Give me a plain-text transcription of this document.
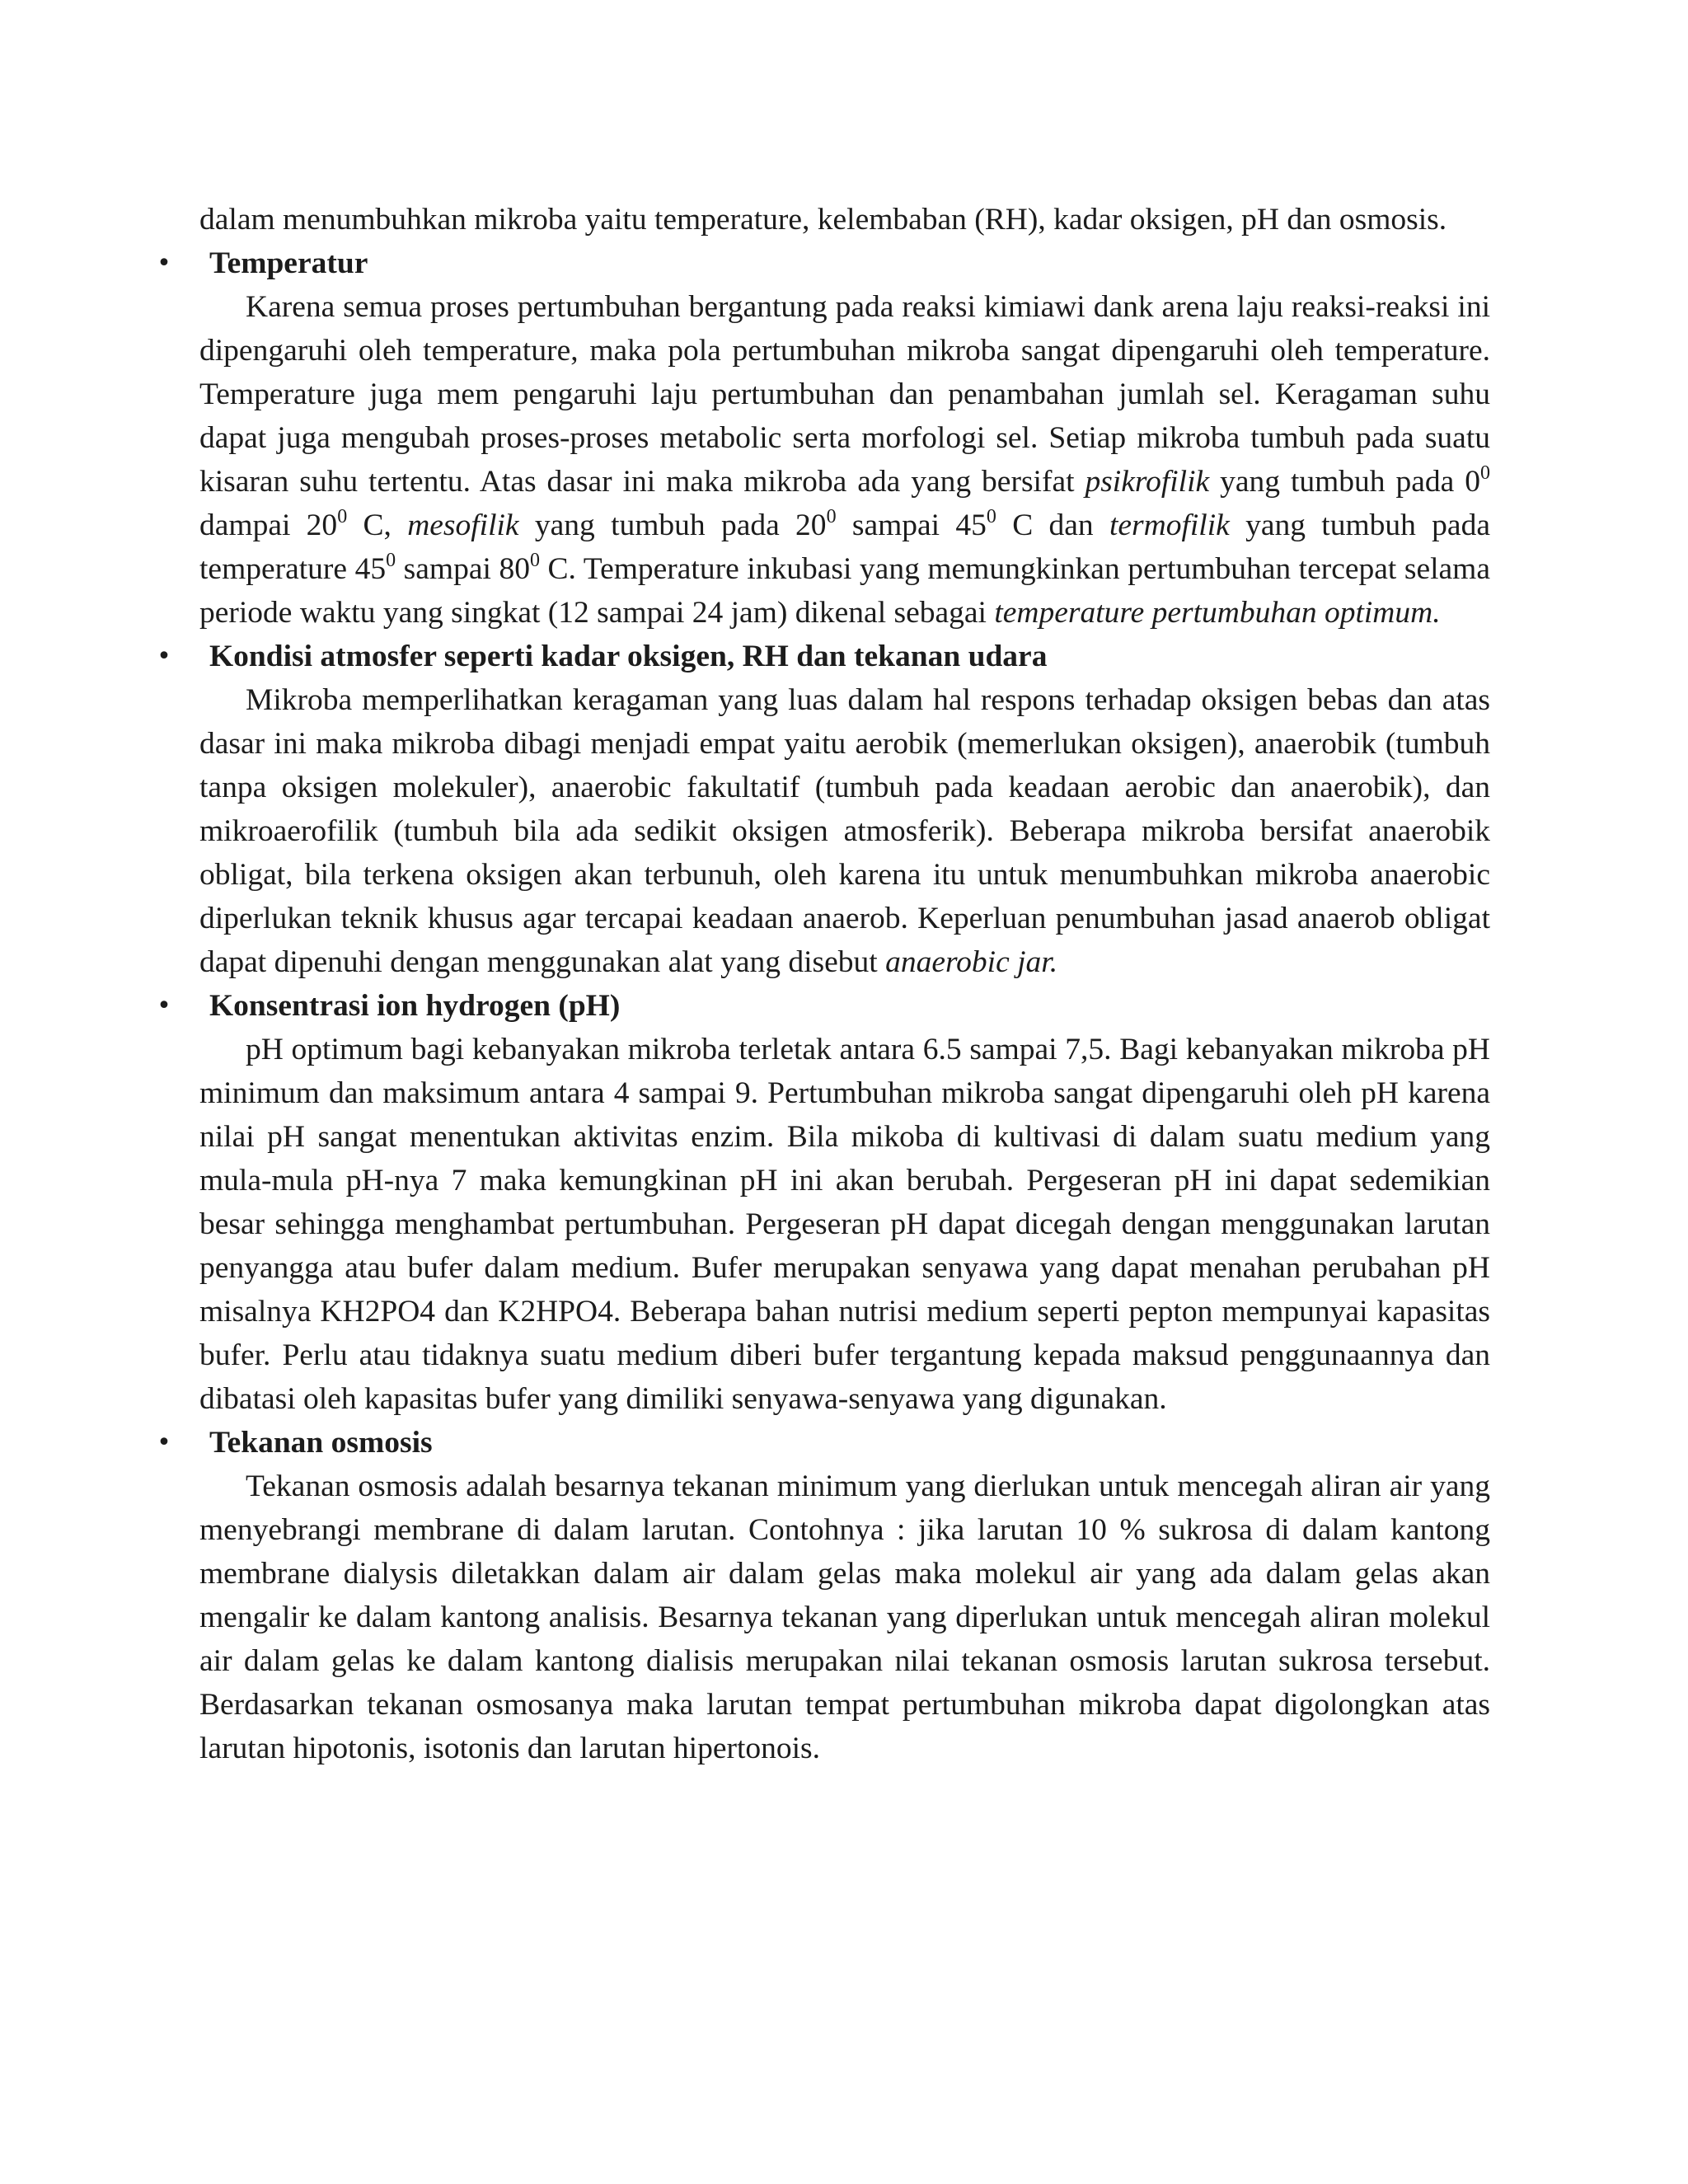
dalam menumbuhkan mikroba yaitu temperature, kelembaban (RH), kadar oksigen, pH dan osmosis.

•	Temperatur

Karena semua proses pertumbuhan bergantung pada reaksi kimiawi dank arena laju reaksi-reaksi ini dipengaruhi oleh temperature, maka pola pertumbuhan mikroba sangat dipengaruhi oleh temperature. Temperature juga mem pengaruhi laju pertumbuhan dan penambahan jumlah sel. Keragaman suhu dapat juga mengubah proses-proses metabolic serta morfologi sel. Setiap mikroba tumbuh pada suatu kisaran suhu tertentu. Atas dasar ini maka mikroba ada yang bersifat psikrofilik yang tumbuh pada $0^0$ dampai $20^0$ C, mesofilik yang tumbuh pada $20^0$ sampai $45^0$ C dan termofilik yang tumbuh pada temperature $45^0$ sampai $80^0$ C. Temperature inkubasi yang memungkinkan pertumbuhan tercepat selama periode waktu yang singkat (12 sampai 24 jam) dikenal sebagai temperature pertumbuhan optimum.

•	Kondisi atmosfer seperti kadar oksigen, RH dan tekanan udara

Mikroba memperlihatkan keragaman yang luas dalam hal respons terhadap oksigen bebas dan atas dasar ini maka mikroba dibagi menjadi empat yaitu aerobik (memerlukan oksigen), anaerobik (tumbuh tanpa oksigen molekuler), anaerobic fakultatif (tumbuh pada keadaan aerobic dan anaerobik), dan mikroaerofilik (tumbuh bila ada sedikit oksigen atmosferik). Beberapa mikroba bersifat anaerobik obligat, bila terkena oksigen akan terbunuh, oleh karena itu untuk menumbuhkan mikroba anaerobic diperlukan teknik khusus agar tercapai keadaan anaerob. Keperluan penumbuhan jasad anaerob obligat dapat dipenuhi dengan menggunakan alat yang disebut anaerobic jar.

•	Konsentrasi ion hydrogen (pH)

pH optimum bagi kebanyakan mikroba terletak antara 6.5 sampai 7,5. Bagi kebanyakan mikroba pH minimum dan maksimum antara 4 sampai 9. Pertumbuhan mikroba sangat dipengaruhi oleh pH karena nilai pH sangat menentukan aktivitas enzim. Bila mikoba di kultivasi di dalam suatu medium yang mula-mula pH-nya 7 maka kemungkinan pH ini akan berubah. Pergeseran pH ini dapat sedemikian besar sehingga menghambat pertumbuhan. Pergeseran pH dapat dicegah dengan menggunakan larutan penyangga atau bufer dalam medium. Bufer merupakan senyawa yang dapat menahan perubahan pH misalnya KH2PO4 dan K2HPO4. Beberapa bahan nutrisi medium seperti pepton mempunyai kapasitas bufer. Perlu atau tidaknya suatu medium diberi bufer tergantung kepada maksud penggunaannya dan dibatasi oleh kapasitas bufer yang dimiliki senyawa-senyawa yang digunakan.

•	Tekanan osmosis

Tekanan osmosis adalah besarnya tekanan minimum yang dierlukan untuk mencegah aliran air yang menyebrangi membrane di dalam larutan. Contohnya : jika larutan 10 % sukrosa di dalam kantong membrane dialysis diletakkan dalam air dalam gelas maka molekul air yang ada dalam gelas akan mengalir ke dalam kantong analisis. Besarnya tekanan yang diperlukan untuk mencegah aliran molekul air dalam gelas ke dalam kantong dialisis merupakan nilai tekanan osmosis larutan sukrosa tersebut. Berdasarkan tekanan osmosanya maka larutan tempat pertumbuhan mikroba dapat digolongkan atas larutan hipotonis, isotonis dan larutan hipertonois.
